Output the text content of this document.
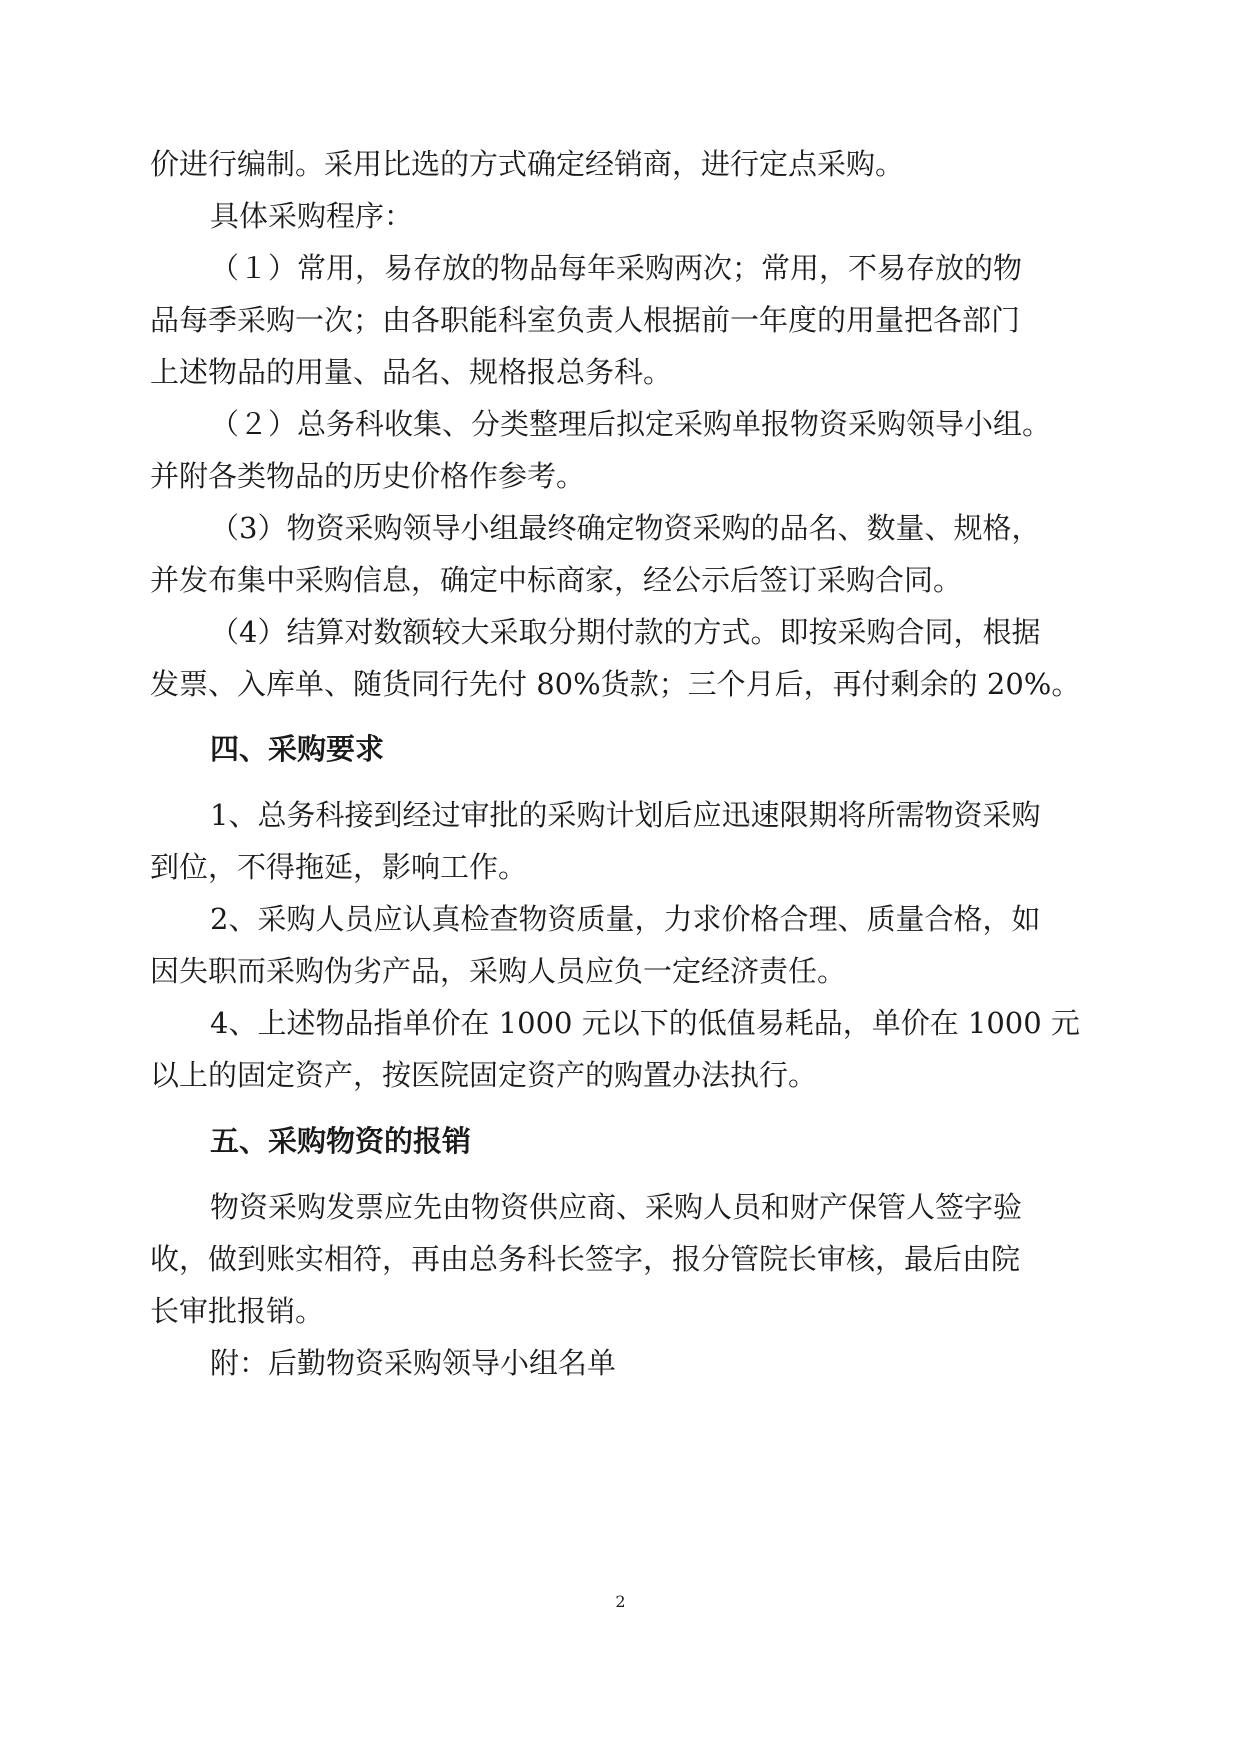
价进行编制。采用比选的方式确定经销商，进行定点采购。
具体采购程序：
（１）常用，易存放的物品每年采购两次；常用，不易存放的物
品每季采购一次；由各职能科室负责人根据前一年度的用量把各部门
上述物品的用量、品名、规格报总务科。
（２）总务科收集、分类整理后拟定采购单报物资采购领导小组。
并附各类物品的历史价格作参考。
（3）物资采购领导小组最终确定物资采购的品名、数量、规格，
并发布集中采购信息，确定中标商家，经公示后签订采购合同。
（4）结算对数额较大采取分期付款的方式。即按采购合同，根据
发票、入库单、随货同行先付 80%货款；三个月后，再付剩余的 20%。
四、采购要求
1、总务科接到经过审批的采购计划后应迅速限期将所需物资采购
到位，不得拖延，影响工作。
2、采购人员应认真检查物资质量，力求价格合理、质量合格，如
因失职而采购伪劣产品，采购人员应负一定经济责任。
4、上述物品指单价在 1000 元以下的低值易耗品，单价在 1000 元
以上的固定资产，按医院固定资产的购置办法执行。
五、采购物资的报销
物资采购发票应先由物资供应商、采购人员和财产保管人签字验
收，做到账实相符，再由总务科长签字，报分管院长审核，最后由院
长审批报销。
附：后勤物资采购领导小组名单
2
